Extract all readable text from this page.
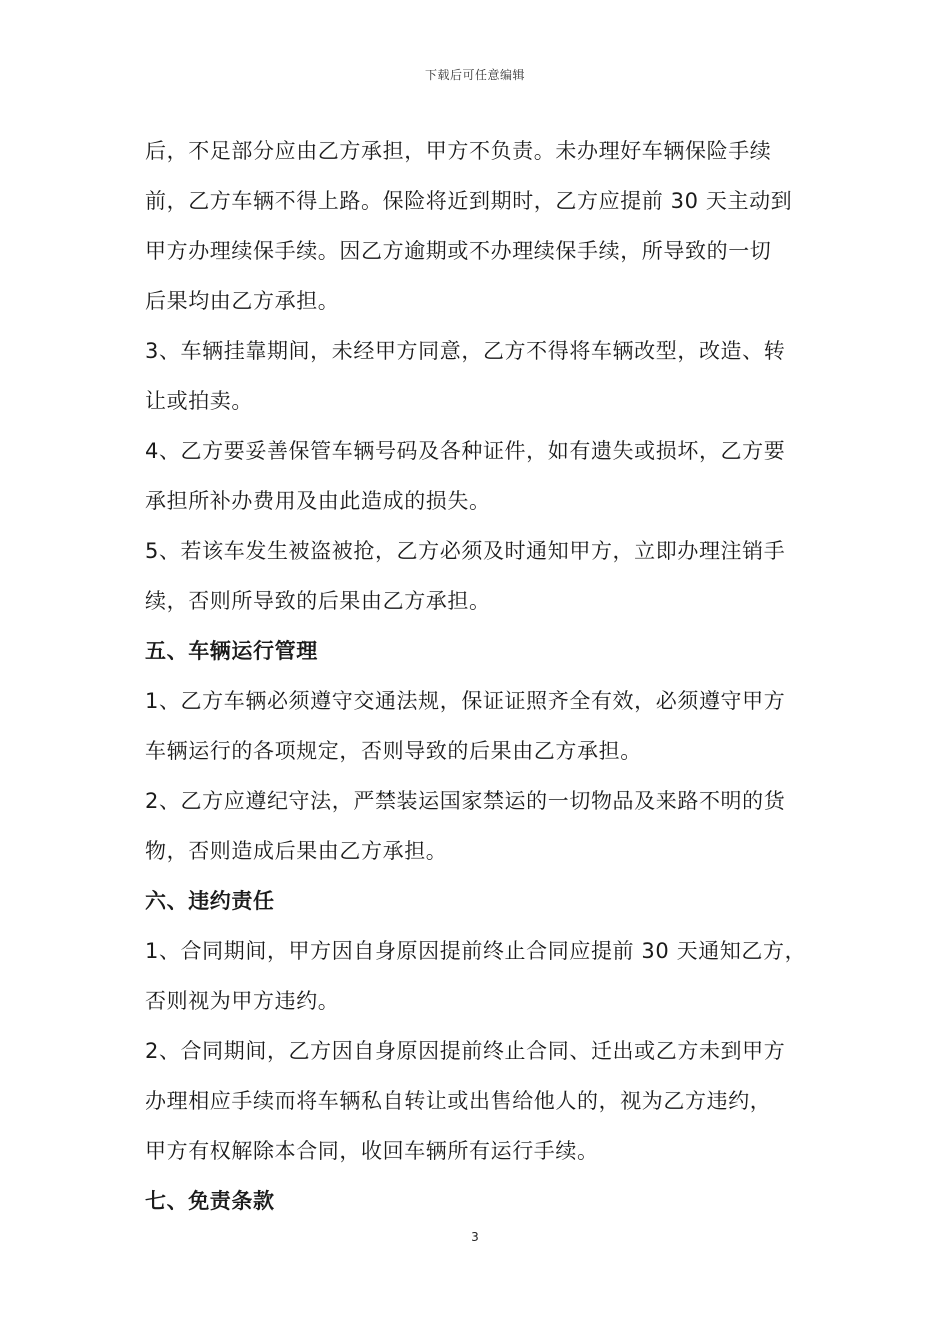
下载后可任意编辑
后，不足部分应由乙方承担，甲方不负责。未办理好车辆保险手续
前，乙方车辆不得上路。保险将近到期时，乙方应提前 30 天主动到
甲方办理续保手续。因乙方逾期或不办理续保手续，所导致的一切
后果均由乙方承担。
3、车辆挂靠期间，未经甲方同意，乙方不得将车辆改型，改造、转
让或拍卖。
4、乙方要妥善保管车辆号码及各种证件，如有遗失或损坏，乙方要
承担所补办费用及由此造成的损失。
5、若该车发生被盗被抢，乙方必须及时通知甲方，立即办理注销手
续，否则所导致的后果由乙方承担。
五、车辆运行管理
1、乙方车辆必须遵守交通法规，保证证照齐全有效，必须遵守甲方
车辆运行的各项规定，否则导致的后果由乙方承担。
2、乙方应遵纪守法，严禁装运国家禁运的一切物品及来路不明的货
物，否则造成后果由乙方承担。
六、违约责任
1、合同期间，甲方因自身原因提前终止合同应提前 30 天通知乙方，
否则视为甲方违约。
2、合同期间，乙方因自身原因提前终止合同、迁出或乙方未到甲方
办理相应手续而将车辆私自转让或出售给他人的，视为乙方违约，
甲方有权解除本合同，收回车辆所有运行手续。
七、免责条款
3
